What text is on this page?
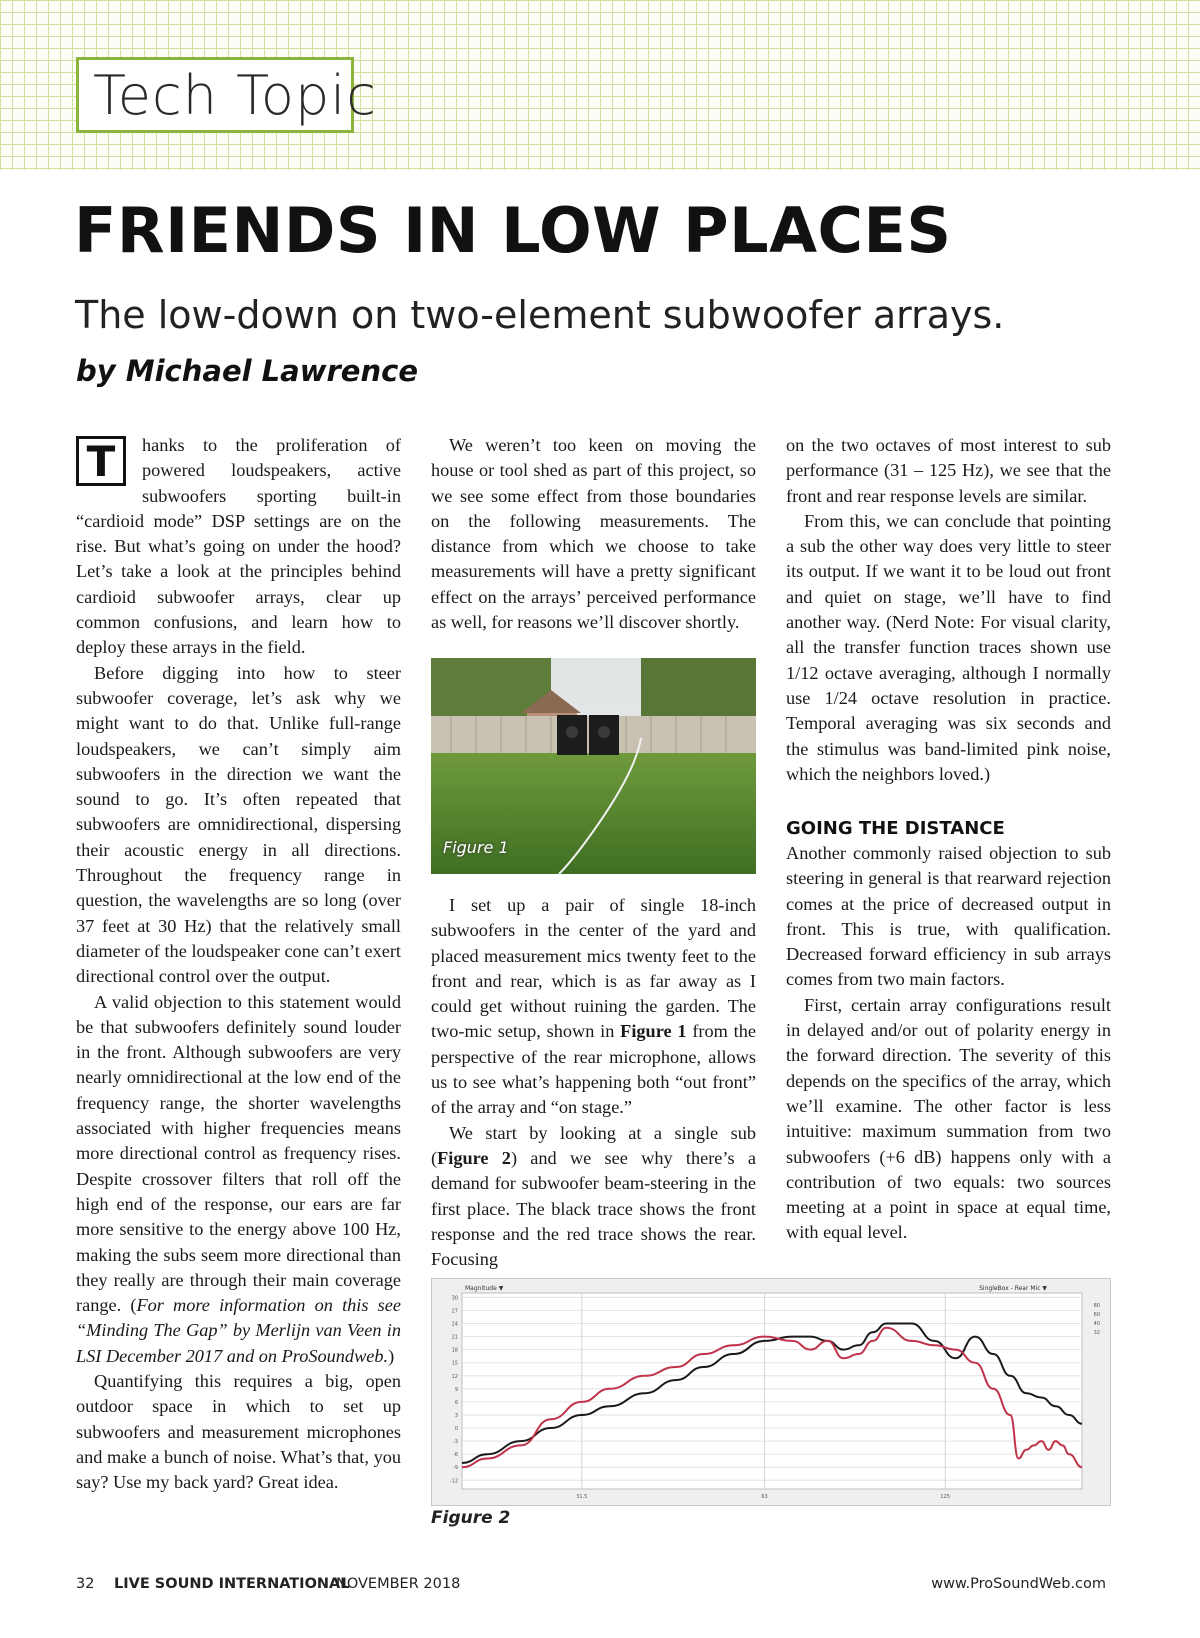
Tech Topic
FRIENDS IN LOW PLACES
The low-down on two-element subwoofer arrays.
by Michael Lawrence

T	hanks to the proliferation of powered loudspeakers, active subwoofers sporting built-in “cardioid mode” DSP settings are on the rise. But what’s going on under the hood? Let’s take a look at the principles behind cardioid subwoofer arrays, clear up common confusions, and learn how to deploy these arrays in the field.

Before digging into how to steer subwoofer coverage, let’s ask why we might want to do that. Unlike full-range loudspeakers, we can’t simply aim subwoofers in the direction we want the sound to go. It’s often repeated that subwoofers are omnidirectional, dispersing their acoustic energy in all directions. Throughout the frequency range in question, the wavelengths are so long (over 37 feet at 30 Hz) that the relatively small diameter of the loudspeaker cone can’t exert directional control over the output.

A valid objection to this statement would be that subwoofers definitely sound louder in the front. Although subwoofers are very nearly omnidirectional at the low end of the frequency range, the shorter wavelengths associated with higher frequencies means more directional control as frequency rises. Despite crossover filters that roll off the high end of the response, our ears are far more sensitive to the energy above 100 Hz, making the subs seem more directional than they really are through their main coverage range. (For more information on this see “Minding The Gap” by Merlijn van Veen in LSI December 2017 and on ProSoundweb.)

Quantifying this requires a big, open outdoor space in which to set up subwoofers and measurement microphones and make a bunch of noise. What’s that, you say? Use my back yard? Great idea.

We weren’t too keen on moving the house or tool shed as part of this project, so we see some effect from those boundaries on the following measurements. The distance from which we choose to take measurements will have a pretty significant effect on the arrays’ perceived performance as well, for reasons we’ll discover shortly.

Figure 1

I set up a pair of single 18-inch subwoofers in the center of the yard and placed measurement mics twenty feet to the front and rear, which is as far away as I could get without ruining the garden. The two-mic setup, shown in Figure 1 from the perspective of the rear microphone, allows us to see what’s happening both “out front” of the array and “on stage.”

We start by looking at a single sub (Figure 2) and we see why there’s a demand for subwoofer beam-steering in the first place. The black trace shows the front response and the red trace shows the rear. Focusing

on the two octaves of most interest to sub performance (31 – 125 Hz), we see that the front and rear response levels are similar.

From this, we can conclude that pointing a sub the other way does very little to steer its output. If we want it to be loud out front and quiet on stage, we’ll have to find another way. (Nerd Note: For visual clarity, all the transfer function traces shown use 1/12 octave averaging, although I normally use 1/24 octave resolution in practice. Temporal averaging was six seconds and the stimulus was band-limited pink noise, which the neighbors loved.)

GOING THE DISTANCE

Another commonly raised objection to sub steering in general is that rearward rejection comes at the price of decreased output in front. This is true, with qualification. Decreased forward efficiency in sub arrays comes from two main factors.

First, certain array configurations result in delayed and/or out of polarity energy in the forward direction. The severity of this depends on the specifics of the array, which we’ll examine. The other factor is less intuitive: maximum summation from two subwoofers (+6 dB) happens only with a contribution of two equals: two sources meeting at a point in space at equal time, with equal level.

30
27
24
21
18
15
12
9
6
3
0
-3
-6
-9
-12
31.5	63	125
Magnitude ▼	SingleBox - Rear Mic ▼
80
60
40
32
Figure 2
32 LIVE SOUND INTERNATIONAL
NOVEMBER 2018	www.ProSoundWeb.com
